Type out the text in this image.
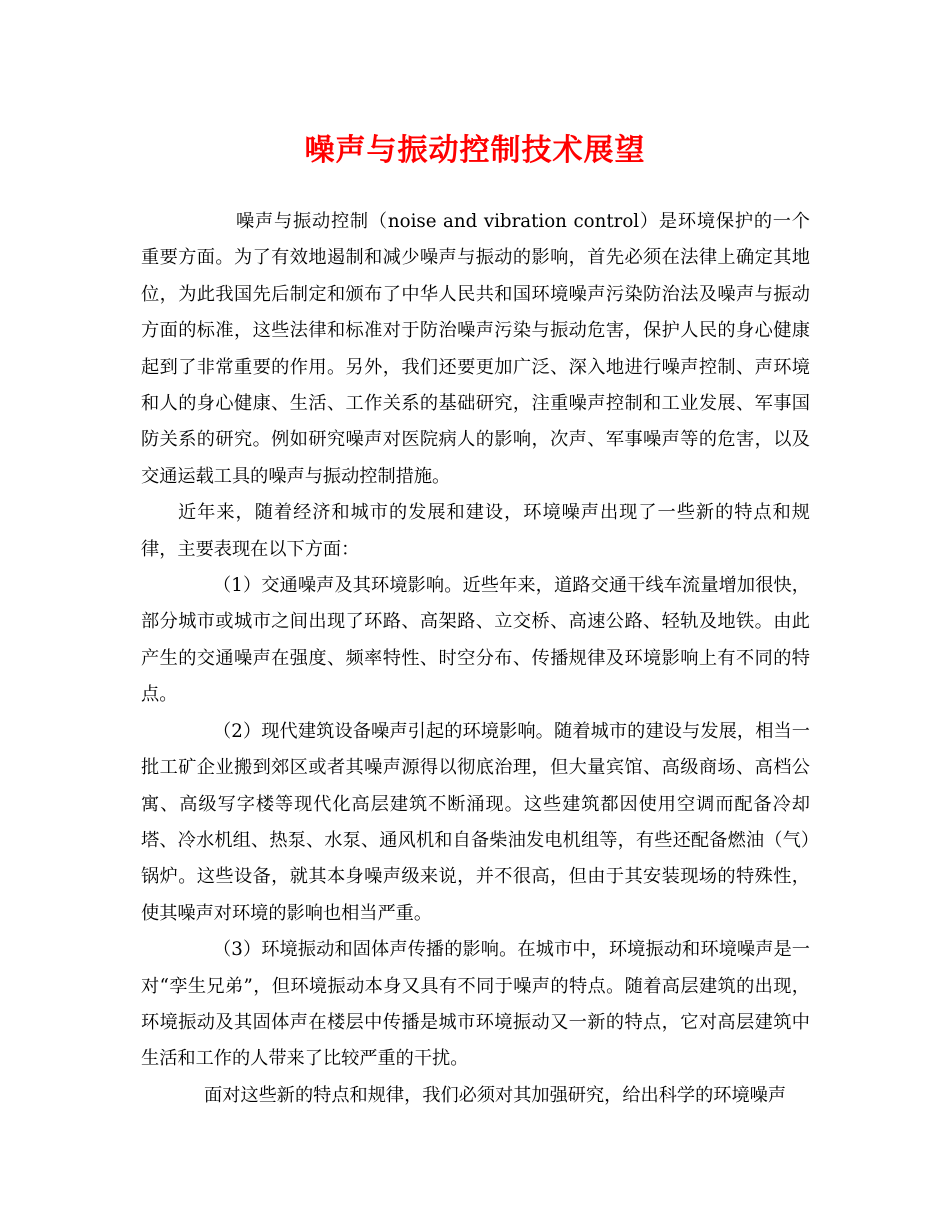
噪声与振动控制技术展望

噪声与振动控制（noise and vibration control）是环境保护的一个重要方面。为了有效地遏制和减少噪声与振动的影响，首先必须在法律上确定其地位，为此我国先后制定和颁布了中华人民共和国环境噪声污染防治法及噪声与振动方面的标准，这些法律和标准对于防治噪声污染与振动危害，保护人民的身心健康起到了非常重要的作用。另外，我们还要更加广泛、深入地进行噪声控制、声环境和人的身心健康、生活、工作关系的基础研究，注重噪声控制和工业发展、军事国防关系的研究。例如研究噪声对医院病人的影响，次声、军事噪声等的危害，以及交通运载工具的噪声与振动控制措施。

近年来，随着经济和城市的发展和建设，环境噪声出现了一些新的特点和规律，主要表现在以下方面：

（1）交通噪声及其环境影响。近些年来，道路交通干线车流量增加很快，部分城市或城市之间出现了环路、高架路、立交桥、高速公路、轻轨及地铁。由此产生的交通噪声在强度、频率特性、时空分布、传播规律及环境影响上有不同的特点。

（2）现代建筑设备噪声引起的环境影响。随着城市的建设与发展，相当一批工矿企业搬到郊区或者其噪声源得以彻底治理，但大量宾馆、高级商场、高档公寓、高级写字楼等现代化高层建筑不断涌现。这些建筑都因使用空调而配备冷却塔、冷水机组、热泵、水泵、通风机和自备柴油发电机组等，有些还配备燃油（气）锅炉。这些设备，就其本身噪声级来说，并不很高，但由于其安装现场的特殊性，使其噪声对环境的影响也相当严重。

（3）环境振动和固体声传播的影响。在城市中，环境振动和环境噪声是一对“孪生兄弟”，但环境振动本身又具有不同于噪声的特点。随着高层建筑的出现，环境振动及其固体声在楼层中传播是城市环境振动又一新的特点，它对高层建筑中生活和工作的人带来了比较严重的干扰。

面对这些新的特点和规律，我们必须对其加强研究，给出科学的环境噪声
